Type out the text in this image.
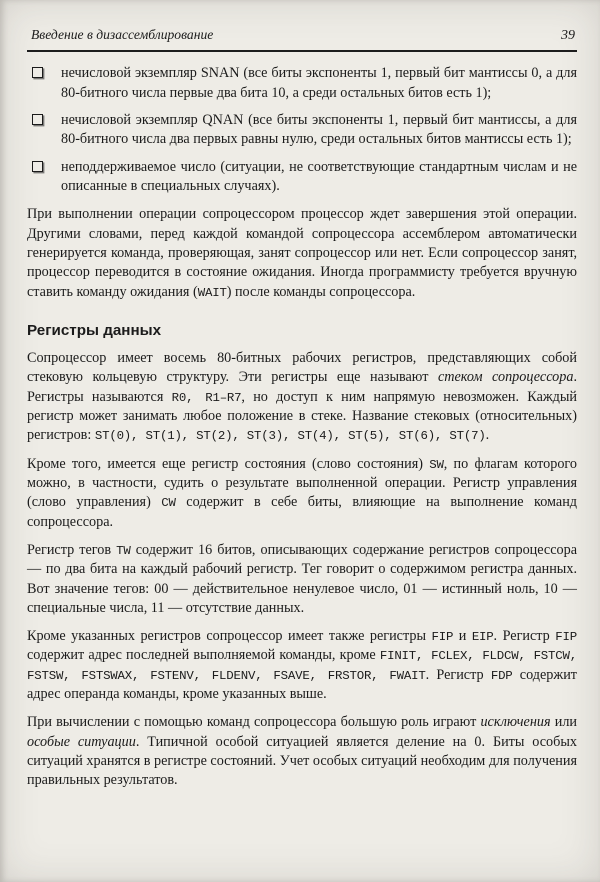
Введение в дизассемблирование	39
нечисловой экземпляр SNAN (все биты экспоненты 1, первый бит мантиссы 0, а для 80-битного числа первые два бита 10, а среди остальных битов есть 1);
нечисловой экземпляр QNAN (все биты экспоненты 1, первый бит мантиссы, а для 80-битного числа два первых равны нулю, среди остальных битов мантиссы есть 1);
неподдерживаемое число (ситуации, не соответствующие стандартным числам и не описанные в специальных случаях).

При выполнении операции сопроцессором процессор ждет завершения этой операции. Другими словами, перед каждой командой сопроцессора ассемблером автоматически генерируется команда, проверяющая, занят сопроцессор или нет. Если сопроцессор занят, процессор переводится в состояние ожидания. Иногда программисту требуется вручную ставить команду ожидания (WAIT) после команды сопроцессора.

Регистры данных

Сопроцессор имеет восемь 80-битных рабочих регистров, представляющих собой стековую кольцевую структуру. Эти регистры еще называют стеком сопроцессора. Регистры называются R0, R1–R7, но доступ к ним напрямую невозможен. Каждый регистр может занимать любое положение в стеке. Название стековых (относительных) регистров: ST(0), ST(1), ST(2), ST(3), ST(4), ST(5), ST(6), ST(7).

Кроме того, имеется еще регистр состояния (слово состояния) SW, по флагам которого можно, в частности, судить о результате выполненной операции. Регистр управления (слово управления) CW содержит в себе биты, влияющие на выполнение команд сопроцессора.

Регистр тегов TW содержит 16 битов, описывающих содержание регистров сопроцессора — по два бита на каждый рабочий регистр. Тег говорит о содержимом регистра данных. Вот значение тегов: 00 — действительное ненулевое число, 01 — истинный ноль, 10 — специальные числа, 11 — отсутствие данных.

Кроме указанных регистров сопроцессор имеет также регистры FIP и EIP. Регистр FIP содержит адрес последней выполняемой команды, кроме FINIT, FCLEX, FLDCW, FSTCW, FSTSW, FSTSWAX, FSTENV, FLDENV, FSAVE, FRSTOR, FWAIT. Регистр FDP содержит адрес операнда команды, кроме указанных выше.

При вычислении с помощью команд сопроцессора большую роль играют исключения или особые ситуации. Типичной особой ситуацией является деление на 0. Биты особых ситуаций хранятся в регистре состояний. Учет особых ситуаций необходим для получения правильных результатов.
